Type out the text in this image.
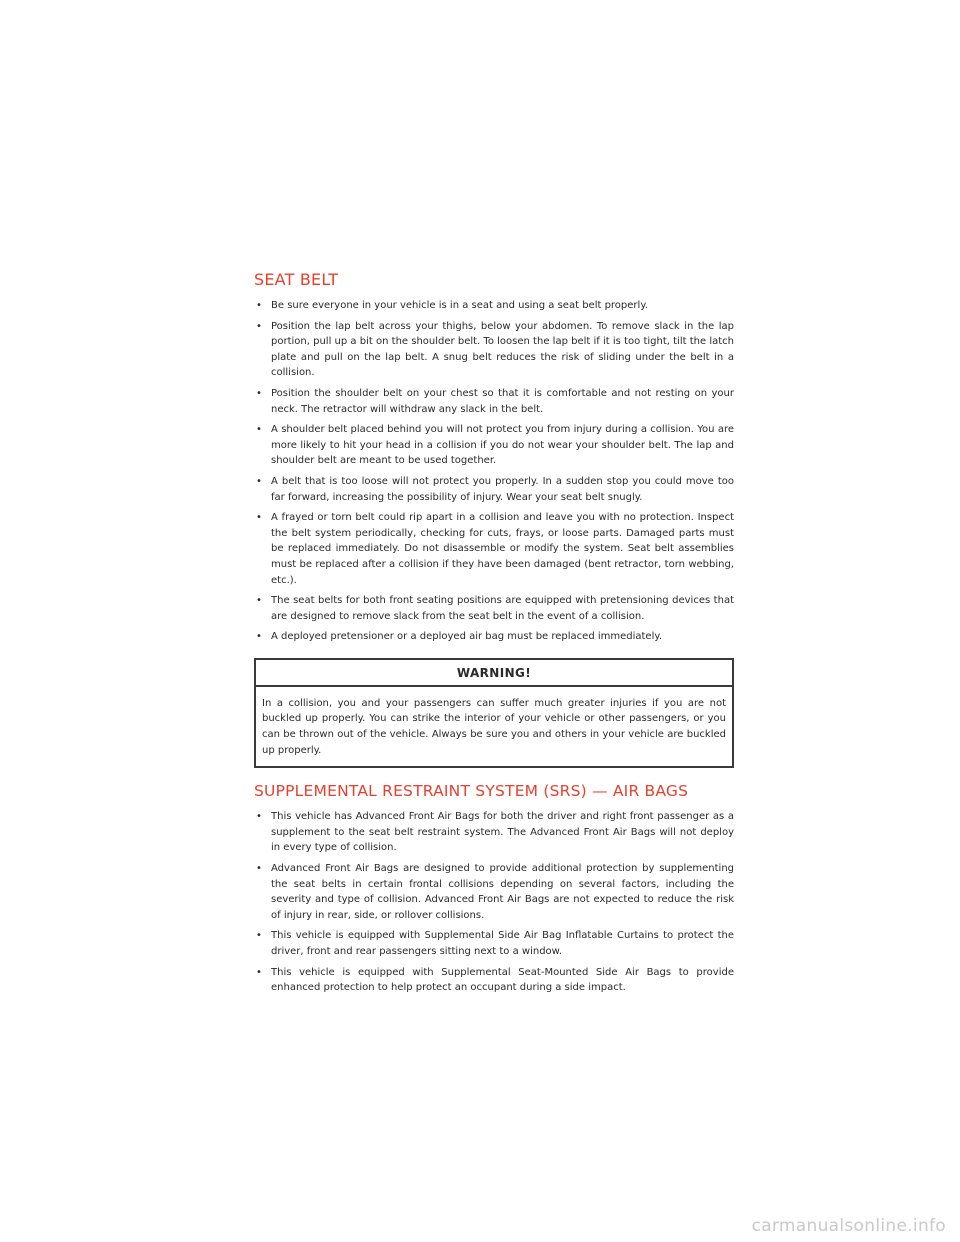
SEAT BELT
• Be sure everyone in your vehicle is in a seat and using a seat belt properly.
• Position the lap belt across your thighs, below your abdomen. To remove slack in the lap portion, pull up a bit on the shoulder belt. To loosen the lap belt if it is too tight, tilt the latch plate and pull on the lap belt. A snug belt reduces the risk of sliding under the belt in a collision.
• Position the shoulder belt on your chest so that it is comfortable and not resting on your neck. The retractor will withdraw any slack in the belt.
• A shoulder belt placed behind you will not protect you from injury during a collision. You are more likely to hit your head in a collision if you do not wear your shoulder belt. The lap and shoulder belt are meant to be used together.
• A belt that is too loose will not protect you properly. In a sudden stop you could move too far forward, increasing the possibility of injury. Wear your seat belt snugly.
• A frayed or torn belt could rip apart in a collision and leave you with no protection. Inspect the belt system periodically, checking for cuts, frays, or loose parts. Damaged parts must be replaced immediately. Do not disassemble or modify the system. Seat belt assemblies must be replaced after a collision if they have been damaged (bent retractor, torn webbing, etc.).
• The seat belts for both front seating positions are equipped with pretensioning devices that are designed to remove slack from the seat belt in the event of a collision.
• A deployed pretensioner or a deployed air bag must be replaced immediately.
WARNING!
In a collision, you and your passengers can suffer much greater injuries if you are not buckled up properly. You can strike the interior of your vehicle or other passengers, or you can be thrown out of the vehicle. Always be sure you and others in your vehicle are buckled up properly.
SUPPLEMENTAL RESTRAINT SYSTEM (SRS) — AIR BAGS
• This vehicle has Advanced Front Air Bags for both the driver and right front passenger as a supplement to the seat belt restraint system. The Advanced Front Air Bags will not deploy in every type of collision.
• Advanced Front Air Bags are designed to provide additional protection by supplementing the seat belts in certain frontal collisions depending on several factors, including the severity and type of collision. Advanced Front Air Bags are not expected to reduce the risk of injury in rear, side, or rollover collisions.
• This vehicle is equipped with Supplemental Side Air Bag Inflatable Curtains to protect the driver, front and rear passengers sitting next to a window.
• This vehicle is equipped with Supplemental Seat-Mounted Side Air Bags to provide enhanced protection to help protect an occupant during a side impact.
carmanualsonline.info
